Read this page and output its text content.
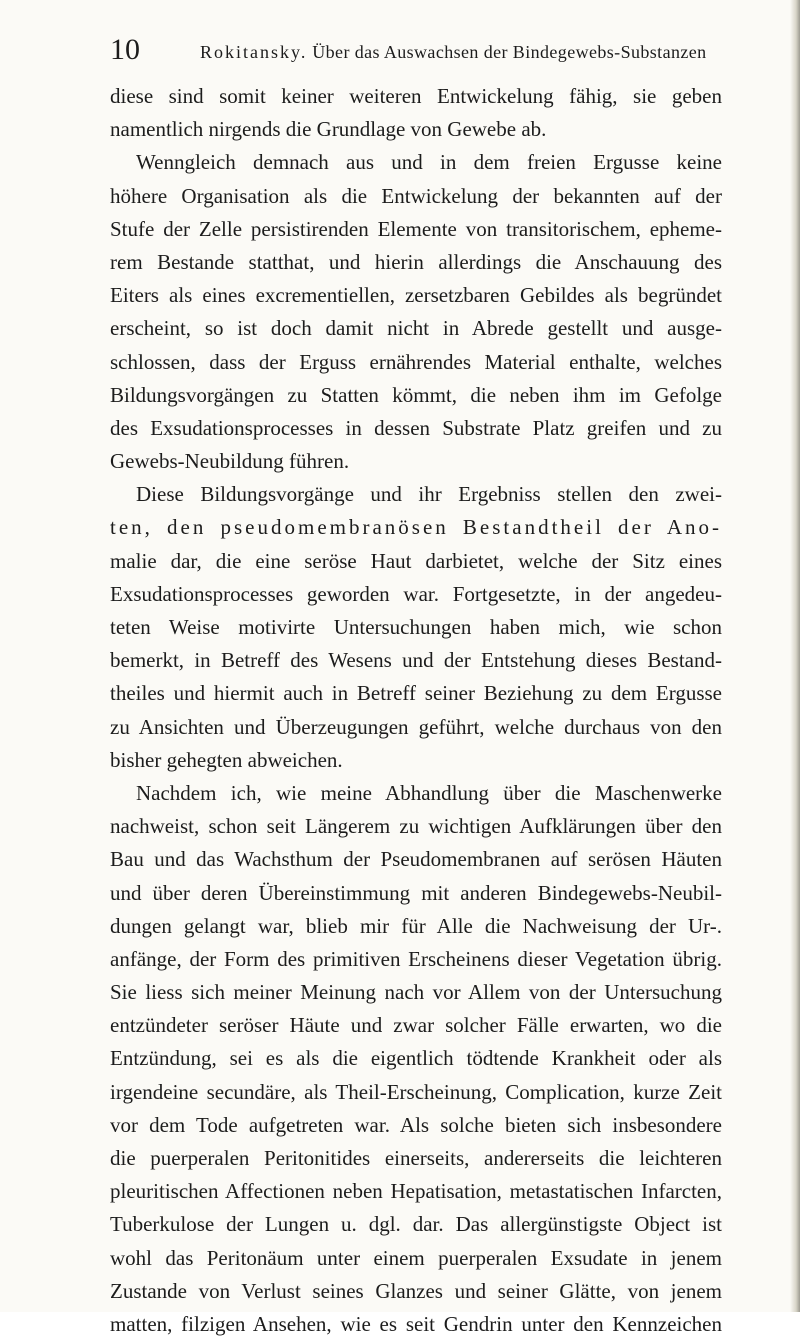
10	Rokitansky. Über das Auswachsen der Bindegewebs-Substanzen
diese sind somit keiner weiteren Entwickelung fähig, sie geben
namentlich nirgends die Grundlage von Gewebe ab.
Wenngleich demnach aus und in dem freien Ergusse keine
höhere Organisation als die Entwickelung der bekannten auf der
Stufe der Zelle persistirenden Elemente von transitorischem, epheme-
rem Bestande statthat, und hierin allerdings die Anschauung des
Eiters als eines excrementiellen, zersetzbaren Gebildes als begründet
erscheint, so ist doch damit nicht in Abrede gestellt und ausge-
schlossen, dass der Erguss ernährendes Material enthalte, welches
Bildungsvorgängen zu Statten kömmt, die neben ihm im Gefolge
des Exsudationsprocesses in dessen Substrate Platz greifen und zu
Gewebs-Neubildung führen.
Diese Bildungsvorgänge und ihr Ergebniss stellen den zwei-
ten, den pseudomembranösen Bestandtheil der Ano-
malie dar, die eine seröse Haut darbietet, welche der Sitz eines
Exsudationsprocesses geworden war. Fortgesetzte, in der angedeu-
teten Weise motivirte Untersuchungen haben mich, wie schon
bemerkt, in Betreff des Wesens und der Entstehung dieses Bestand-
theiles und hiermit auch in Betreff seiner Beziehung zu dem Ergusse
zu Ansichten und Überzeugungen geführt, welche durchaus von den
bisher gehegten abweichen.
Nachdem ich, wie meine Abhandlung über die Maschenwerke
nachweist, schon seit Längerem zu wichtigen Aufklärungen über den
Bau und das Wachsthum der Pseudomembranen auf serösen Häuten
und über deren Übereinstimmung mit anderen Bindegewebs-Neubil-
dungen gelangt war, blieb mir für Alle die Nachweisung der Ur-.
anfänge, der Form des primitiven Erscheinens dieser Vegetation übrig.
Sie liess sich meiner Meinung nach vor Allem von der Untersuchung
entzündeter seröser Häute und zwar solcher Fälle erwarten, wo die
Entzündung, sei es als die eigentlich tödtende Krankheit oder als
irgendeine secundäre, als Theil-Erscheinung, Complication, kurze Zeit
vor dem Tode aufgetreten war. Als solche bieten sich insbesondere
die puerperalen Peritonitides einerseits, andererseits die leichteren
pleuritischen Affectionen neben Hepatisation, metastatischen Infarcten,
Tuberkulose der Lungen u. dgl. dar. Das allergünstigste Object ist
wohl das Peritonäum unter einem puerperalen Exsudate in jenem
Zustande von Verlust seines Glanzes und seiner Glätte, von jenem
matten, filzigen Ansehen, wie es seit Gendrin unter den Kennzeichen
